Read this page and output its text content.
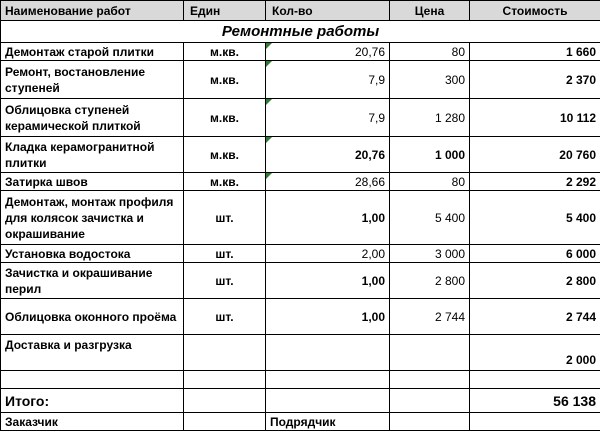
Наименование работ	Един	Кол-во	Цена	Стоимость
Ремонтные работы				
Демонтаж старой плитки	м.кв.	20,76	80	1 660
Ремонт, востановление ступеней	м.кв.	7,9	300	2 370
Облицовка ступеней керамической плиткой	м.кв.	7,9	1 280	10 112
Кладка керамогранитной плитки	м.кв.	20,76	1 000	20 760
Затирка швов	м.кв.	28,66	80	2 292
Демонтаж, монтаж профиля для колясок зачистка и окрашивание	шт.	1,00	5 400	5 400
Установка водостока	шт.	2,00	3 000	6 000
Зачистка и окрашивание перил	шт.	1,00	2 800	2 800
Облицовка оконного проёма	шт.	1,00	2 744	2 744
Доставка и разгрузка				2 000

Итого:				56 138
Заказчик		Подрядчик		
